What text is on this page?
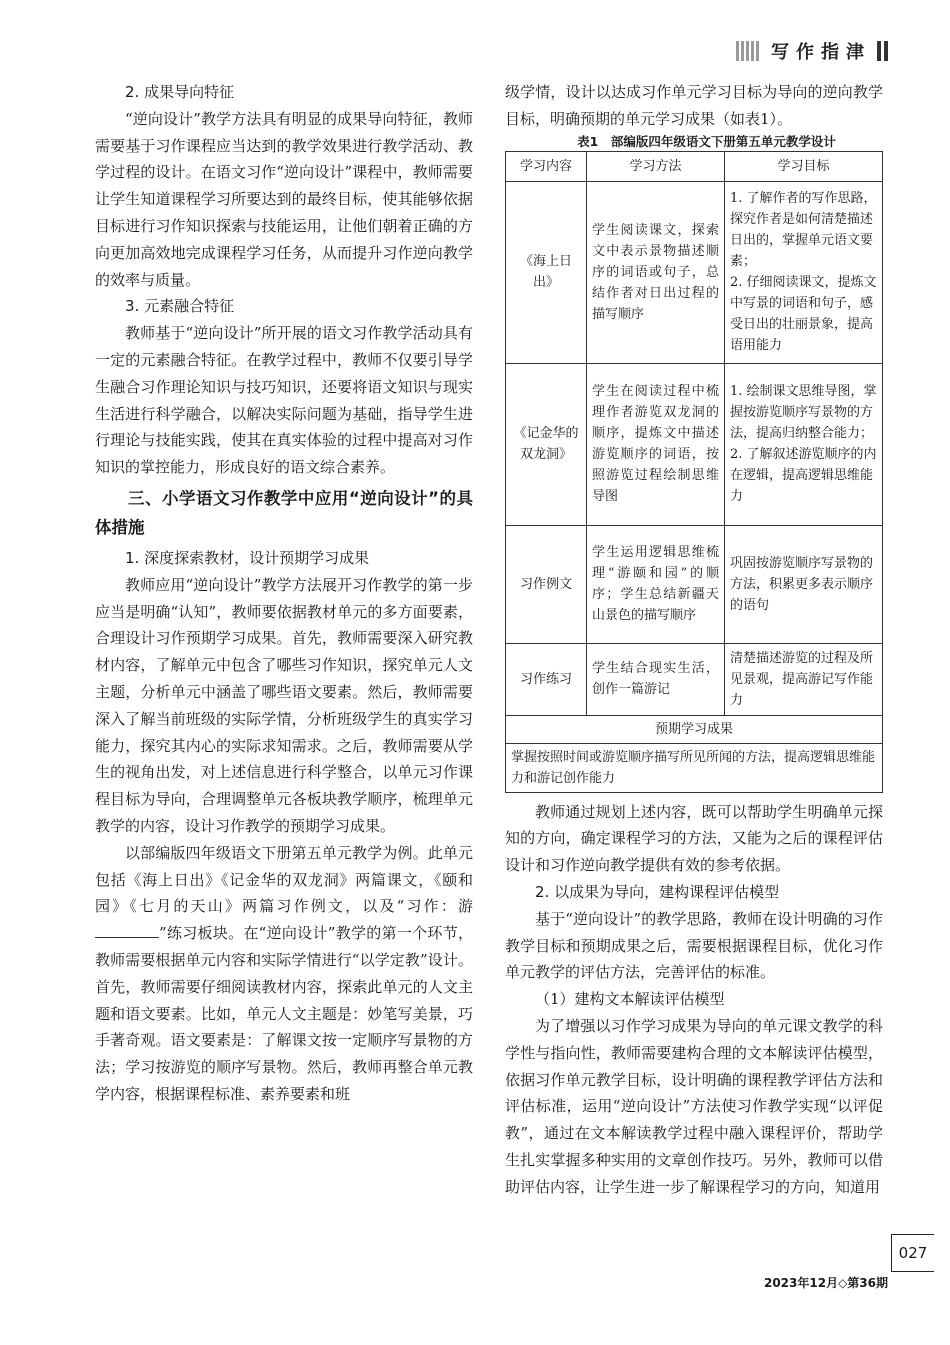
写作指津

2. 成果导向特征

“逆向设计”教学方法具有明显的成果导向特征，教师需要基于习作课程应当达到的教学效果进行教学活动、教学过程的设计。在语文习作“逆向设计”课程中，教师需要让学生知道课程学习所要达到的最终目标，使其能够依据目标进行习作知识探索与技能运用，让他们朝着正确的方向更加高效地完成课程学习任务，从而提升习作逆向教学的效率与质量。

3. 元素融合特征

教师基于“逆向设计”所开展的语文习作教学活动具有一定的元素融合特征。在教学过程中，教师不仅要引导学生融合习作理论知识与技巧知识，还要将语文知识与现实生活进行科学融合，以解决实际问题为基础，指导学生进行理论与技能实践，使其在真实体验的过程中提高对习作知识的掌控能力，形成良好的语文综合素养。

三、小学语文习作教学中应用“逆向设计”的具体措施

1. 深度探索教材，设计预期学习成果

教师应用“逆向设计”教学方法展开习作教学的第一步应当是明确“认知”，教师要依据教材单元的多方面要素，合理设计习作预期学习成果。首先，教师需要深入研究教材内容，了解单元中包含了哪些习作知识，探究单元人文主题，分析单元中涵盖了哪些语文要素。然后，教师需要深入了解当前班级的实际学情，分析班级学生的真实学习能力，探究其内心的实际求知需求。之后，教师需要从学生的视角出发，对上述信息进行科学整合，以单元习作课程目标为导向，合理调整单元各板块教学顺序，梳理单元教学的内容，设计习作教学的预期学习成果。

以部编版四年级语文下册第五单元教学为例。此单元包括《海上日出》《记金华的双龙洞》两篇课文，《颐和园》《七月的天山》两篇习作例文，以及“习作：游”练习板块。在“逆向设计”教学的第一个环节，教师需要根据单元内容和实际学情进行“以学定教”设计。首先，教师需要仔细阅读教材内容，探索此单元的人文主题和语文要素。比如，单元人文主题是：妙笔写美景，巧手著奇观。语文要素是：了解课文按一定顺序写景物的方法；学习按游览的顺序写景物。然后，教师再整合单元教学内容，根据课程标准、素养要素和班

级学情，设计以达成习作单元学习目标为导向的逆向教学目标，明确预期的单元学习成果（如表1）。

表1　部编版四年级语文下册第五单元教学设计

学习内容	学习方法	学习目标
《海上日出》	学生阅读课文，探索文中表示景物描述顺序的词语或句子，总结作者对日出过程的描写顺序	1. 了解作者的写作思路，探究作者是如何清楚描述日出的，掌握单元语文要素；
2. 仔细阅读课文，提炼文中写景的词语和句子，感受日出的壮丽景象，提高语用能力

《记金华的双龙洞》	学生在阅读过程中梳理作者游览双龙洞的顺序，提炼文中描述游览顺序的词语，按照游览过程绘制思维导图	1. 绘制课文思维导图，掌握按游览顺序写景物的方法，提高归纳整合能力；
2. 了解叙述游览顺序的内在逻辑，提高逻辑思维能力

习作例文	学生运用逻辑思维梳理“游颐和园”的顺序；学生总结新疆天山景色的描写顺序	巩固按游览顺序写景物的方法，积累更多表示顺序的语句

习作练习	学生结合现实生活，创作一篇游记	清楚描述游览的过程及所见景观，提高游记写作能力

预期学习成果		
掌握按照时间或游览顺序描写所见所闻的方法，提高逻辑思维能力和游记创作能力		

教师通过规划上述内容，既可以帮助学生明确单元探知的方向，确定课程学习的方法，又能为之后的课程评估设计和习作逆向教学提供有效的参考依据。

2. 以成果为导向，建构课程评估模型

基于“逆向设计”的教学思路，教师在设计明确的习作教学目标和预期成果之后，需要根据课程目标，优化习作单元教学的评估方法，完善评估的标准。

（1）建构文本解读评估模型

为了增强以习作学习成果为导向的单元课文教学的科学性与指向性，教师需要建构合理的文本解读评估模型，依据习作单元教学目标，设计明确的课程教学评估方法和评估标准，运用“逆向设计”方法使习作教学实现“以评促教”，通过在文本解读教学过程中融入课程评价，帮助学生扎实掌握多种实用的文章创作技巧。另外，教师可以借助评估内容，让学生进一步了解课程学习的方向，知道用

027
2023年12月◇第36期
